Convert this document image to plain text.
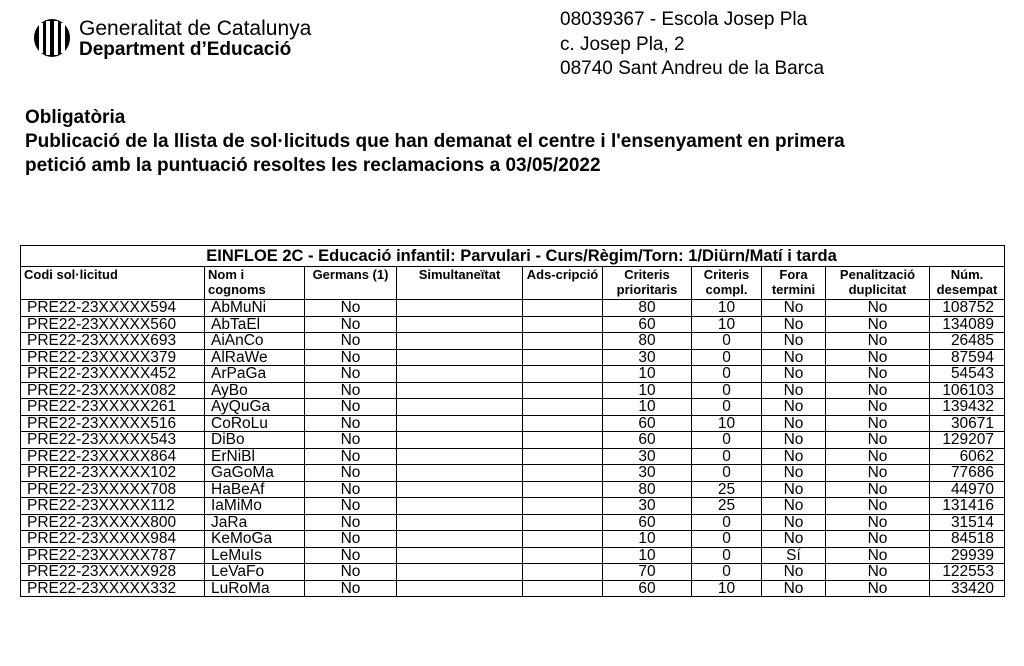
Generalitat de Catalunya
Department d’Educació
08039367 - Escola Josep Pla
c. Josep Pla, 2
08740 Sant Andreu de la Barca
Obligatòria
Publicació de la llista de sol·licituds que han demanat el centre i l'ensenyament en primera
petició amb la puntuació resoltes les reclamacions a 03/05/2022
EINFLOE 2C - Educació infantil: Parvulari - Curs/Règim/Torn: 1/Diürn/Matí i tarda									
Codi sol·licitud	Nom i cognoms	Germans (1)	Simultaneïtat	Ads-cripció	Criteris prioritaris	Criteris compl.	Fora termini	Penalització duplicitat	Núm. desempat
PRE22-23XXXXX594	AbMuNi	No			80	10	No	No	108752
PRE22-23XXXXX560	AbTaEl	No			60	10	No	No	134089
PRE22-23XXXXX693	AiAnCo	No			80	0	No	No	26485
PRE22-23XXXXX379	AlRaWe	No			30	0	No	No	87594
PRE22-23XXXXX452	ArPaGa	No			10	0	No	No	54543
PRE22-23XXXXX082	AyBo	No			10	0	No	No	106103
PRE22-23XXXXX261	AyQuGa	No			10	0	No	No	139432
PRE22-23XXXXX516	CoRoLu	No			60	10	No	No	30671
PRE22-23XXXXX543	DiBo	No			60	0	No	No	129207
PRE22-23XXXXX864	ErNiBl	No			30	0	No	No	6062
PRE22-23XXXXX102	GaGoMa	No			30	0	No	No	77686
PRE22-23XXXXX708	HaBeAf	No			80	25	No	No	44970
PRE22-23XXXXX112	IaMiMo	No			30	25	No	No	131416
PRE22-23XXXXX800	JaRa	No			60	0	No	No	31514
PRE22-23XXXXX984	KeMoGa	No			10	0	No	No	84518
PRE22-23XXXXX787	LeMuIs	No			10	0	Sí	No	29939
PRE22-23XXXXX928	LeVaFo	No			70	0	No	No	122553
PRE22-23XXXXX332	LuRoMa	No			60	10	No	No	33420
